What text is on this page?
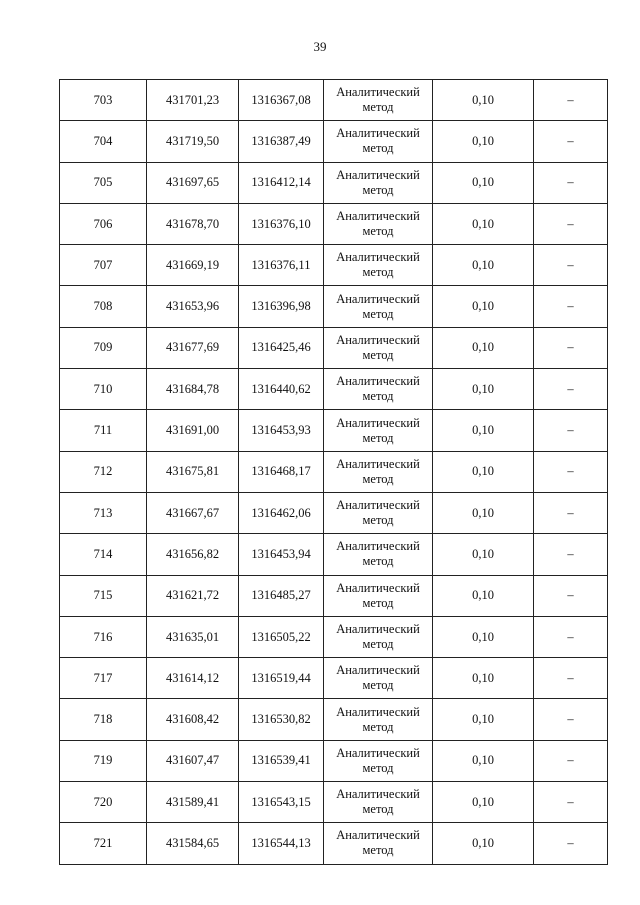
39
703	431701,23	1316367,08	Аналитический метод	0,10	–
704	431719,50	1316387,49	Аналитический метод	0,10	–
705	431697,65	1316412,14	Аналитический метод	0,10	–
706	431678,70	1316376,10	Аналитический метод	0,10	–
707	431669,19	1316376,11	Аналитический метод	0,10	–
708	431653,96	1316396,98	Аналитический метод	0,10	–
709	431677,69	1316425,46	Аналитический метод	0,10	–
710	431684,78	1316440,62	Аналитический метод	0,10	–
711	431691,00	1316453,93	Аналитический метод	0,10	–
712	431675,81	1316468,17	Аналитический метод	0,10	–
713	431667,67	1316462,06	Аналитический метод	0,10	–
714	431656,82	1316453,94	Аналитический метод	0,10	–
715	431621,72	1316485,27	Аналитический метод	0,10	–
716	431635,01	1316505,22	Аналитический метод	0,10	–
717	431614,12	1316519,44	Аналитический метод	0,10	–
718	431608,42	1316530,82	Аналитический метод	0,10	–
719	431607,47	1316539,41	Аналитический метод	0,10	–
720	431589,41	1316543,15	Аналитический метод	0,10	–
721	431584,65	1316544,13	Аналитический метод	0,10	–
